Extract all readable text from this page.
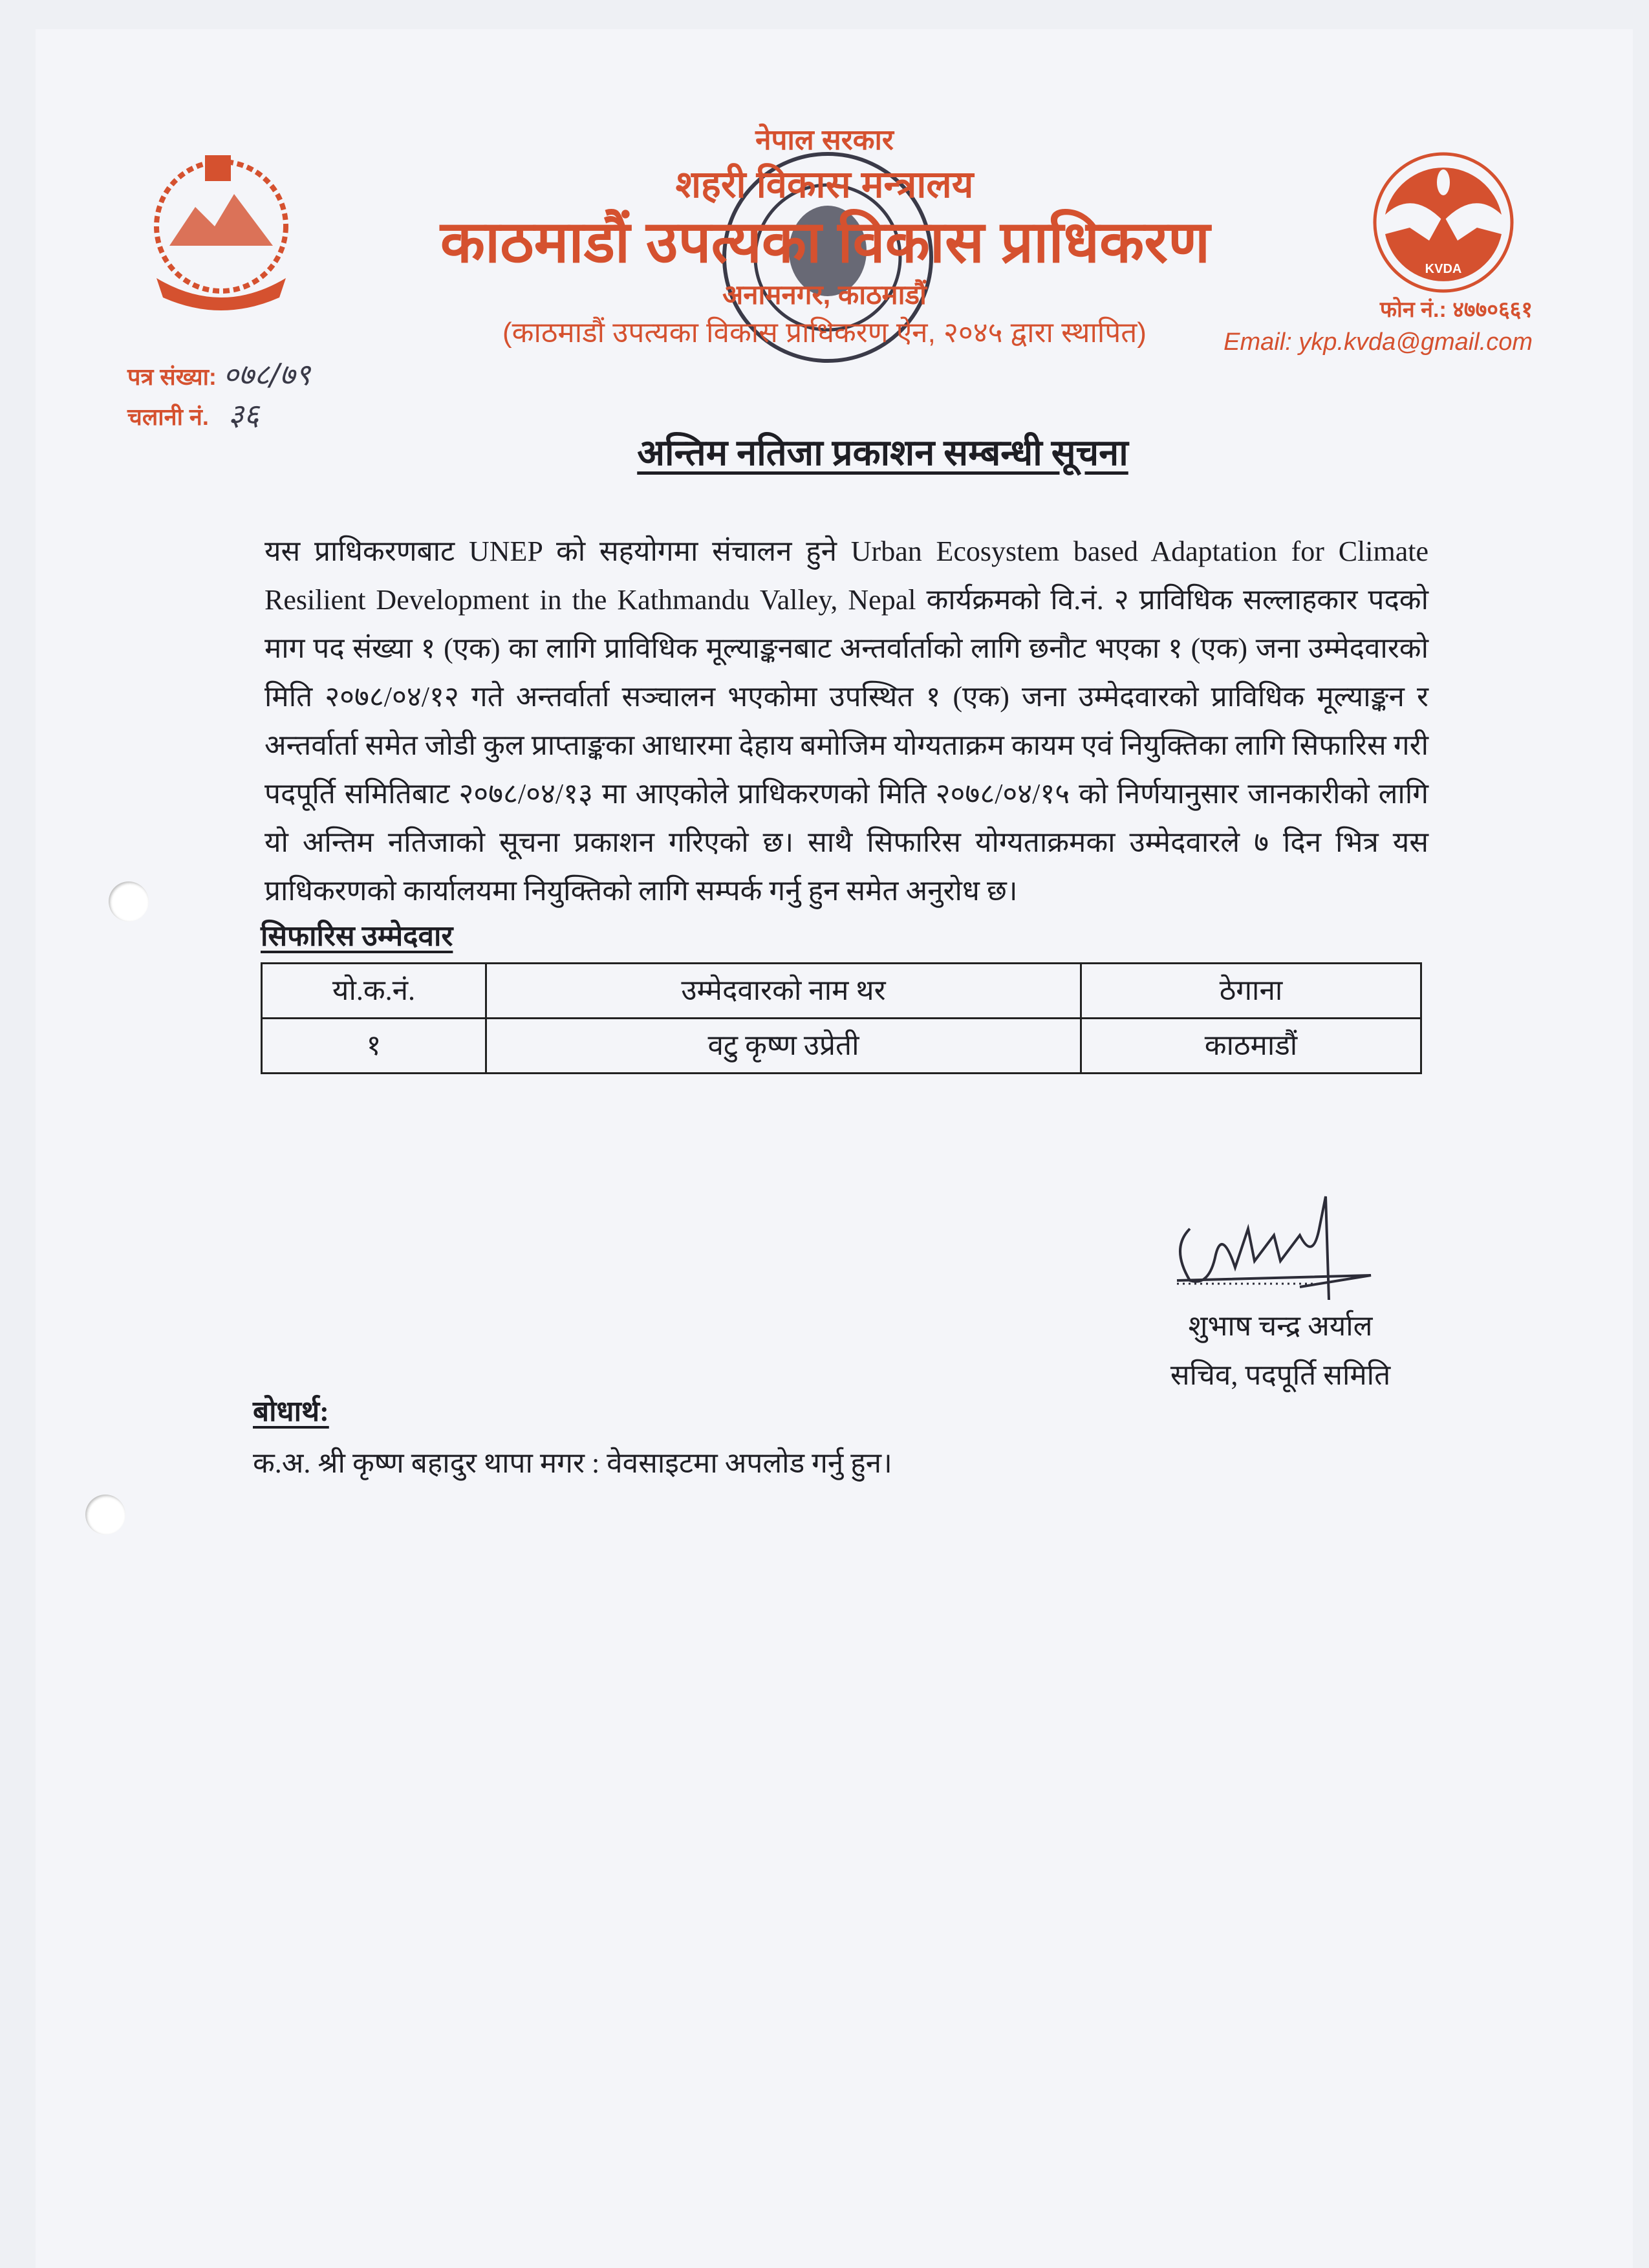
नेपाल सरकार
शहरी विकास मन्त्रालय
काठमाडौं उपत्यका विकास प्राधिकरण
अनामनगर, काठमाडौं
(काठमाडौं उपत्यका विकास प्राधिकरण ऐन, २०४५ द्वारा स्थापित)
KVDA
फोन नं.: ४७७०६६१
Email: ykp.kvda@gmail.com
पत्र संख्या: ०७८/७९
चलानी नं. ३६
अन्तिम नतिजा प्रकाशन सम्बन्धी सूचना
यस प्राधिकरणबाट UNEP को सहयोगमा संचालन हुने Urban Ecosystem based Adaptation for Climate Resilient Development in the Kathmandu Valley, Nepal कार्यक्रमको वि.नं. २ प्राविधिक सल्लाहकार पदको माग पद संख्या १ (एक) का लागि प्राविधिक मूल्याङ्कनबाट अन्तर्वार्ताको लागि छनौट भएका १ (एक) जना उम्मेदवारको मिति २०७८/०४/१२ गते अन्तर्वार्ता सञ्चालन भएकोमा उपस्थित १ (एक) जना उम्मेदवारको प्राविधिक मूल्याङ्कन र अन्तर्वार्ता समेत जोडी कुल प्राप्ताङ्कका आधारमा देहाय बमोजिम योग्यताक्रम कायम एवं नियुक्तिका लागि सिफारिस गरी पदपूर्ति समितिबाट २०७८/०४/१३ मा आएकोले प्राधिकरणको मिति २०७८/०४/१५ को निर्णयानुसार जानकारीको लागि यो अन्तिम नतिजाको सूचना प्रकाशन गरिएको छ। साथै सिफारिस योग्यताक्रमका उम्मेदवारले ७ दिन भित्र यस प्राधिकरणको कार्यालयमा नियुक्तिको लागि सम्पर्क गर्नु हुन समेत अनुरोध छ।
सिफारिस उम्मेदवार
यो.क.नं.	उम्मेदवारको नाम थर	ठेगाना
१	वटु कृष्ण उप्रेती	काठमाडौं
शुभाष चन्द्र अर्याल
सचिव, पदपूर्ति समिति
बोधार्थ:
क.अ. श्री कृष्ण बहादुर थापा मगर : वेवसाइटमा अपलोड गर्नु हुन।
